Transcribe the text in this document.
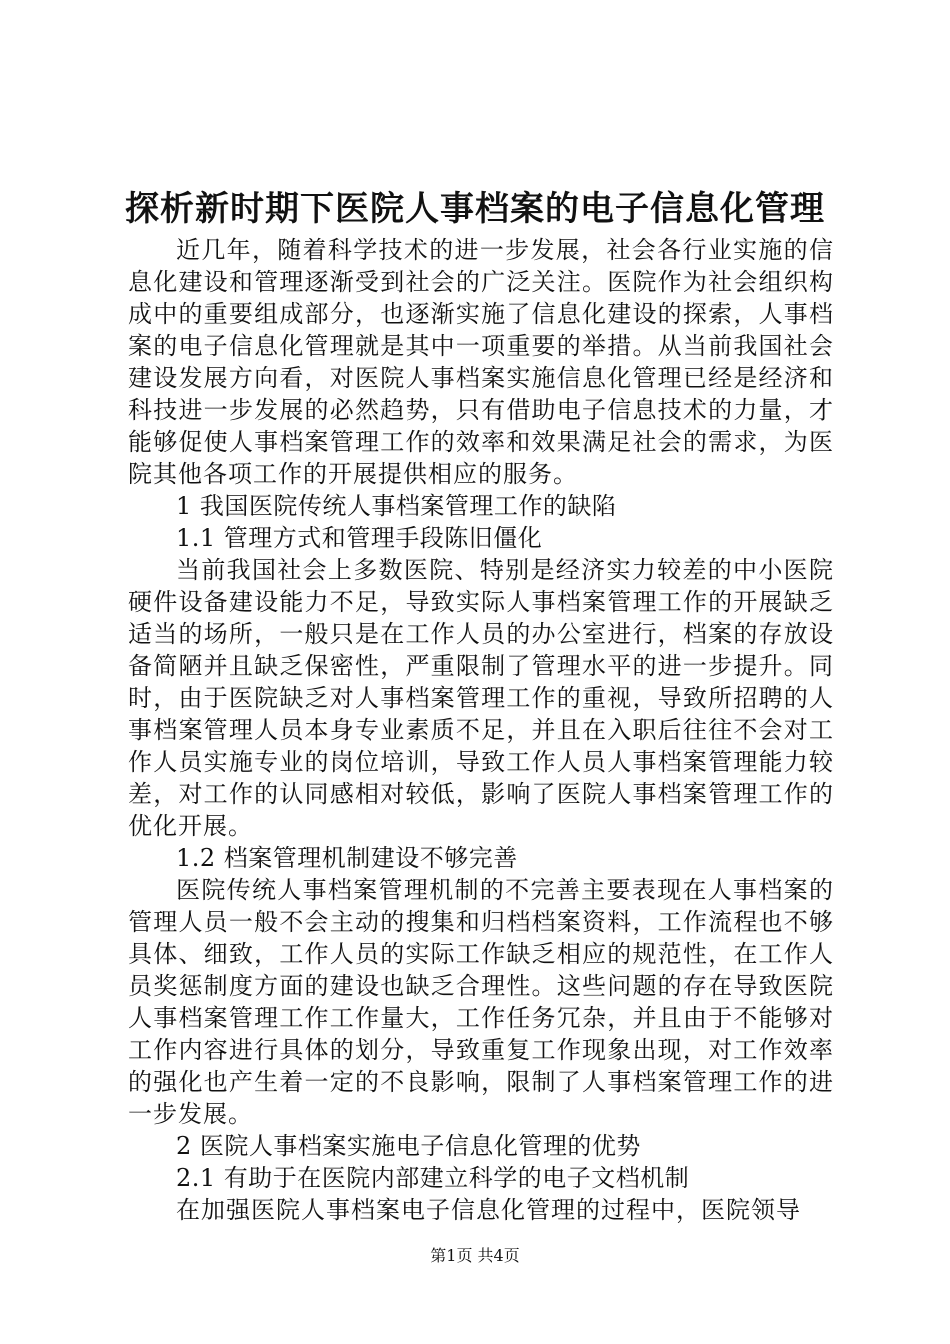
探析新时期下医院人事档案的电子信息化管理

近几年，随着科学技术的进一步发展，社会各行业实施的信息化建设和管理逐渐受到社会的广泛关注。医院作为社会组织构成中的重要组成部分，也逐渐实施了信息化建设的探索，人事档案的电子信息化管理就是其中一项重要的举措。从当前我国社会建设发展方向看，对医院人事档案实施信息化管理已经是经济和科技进一步发展的必然趋势，只有借助电子信息技术的力量，才能够促使人事档案管理工作的效率和效果满足社会的需求，为医院其他各项工作的开展提供相应的服务。

1 我国医院传统人事档案管理工作的缺陷

1.1 管理方式和管理手段陈旧僵化

当前我国社会上多数医院、特别是经济实力较差的中小医院硬件设备建设能力不足，导致实际人事档案管理工作的开展缺乏适当的场所，一般只是在工作人员的办公室进行，档案的存放设备简陋并且缺乏保密性，严重限制了管理水平的进一步提升。同时，由于医院缺乏对人事档案管理工作的重视，导致所招聘的人事档案管理人员本身专业素质不足，并且在入职后往往不会对工作人员实施专业的岗位培训，导致工作人员人事档案管理能力较差，对工作的认同感相对较低，影响了医院人事档案管理工作的优化开展。

1.2 档案管理机制建设不够完善

医院传统人事档案管理机制的不完善主要表现在人事档案的管理人员一般不会主动的搜集和归档档案资料，工作流程也不够具体、细致，工作人员的实际工作缺乏相应的规范性，在工作人员奖惩制度方面的建设也缺乏合理性。这些问题的存在导致医院人事档案管理工作工作量大，工作任务冗杂，并且由于不能够对工作内容进行具体的划分，导致重复工作现象出现，对工作效率的强化也产生着一定的不良影响，限制了人事档案管理工作的进一步发展。

2 医院人事档案实施电子信息化管理的优势

2.1 有助于在医院内部建立科学的电子文档机制

在加强医院人事档案电子信息化管理的过程中，医院领导

第1页 共4页
